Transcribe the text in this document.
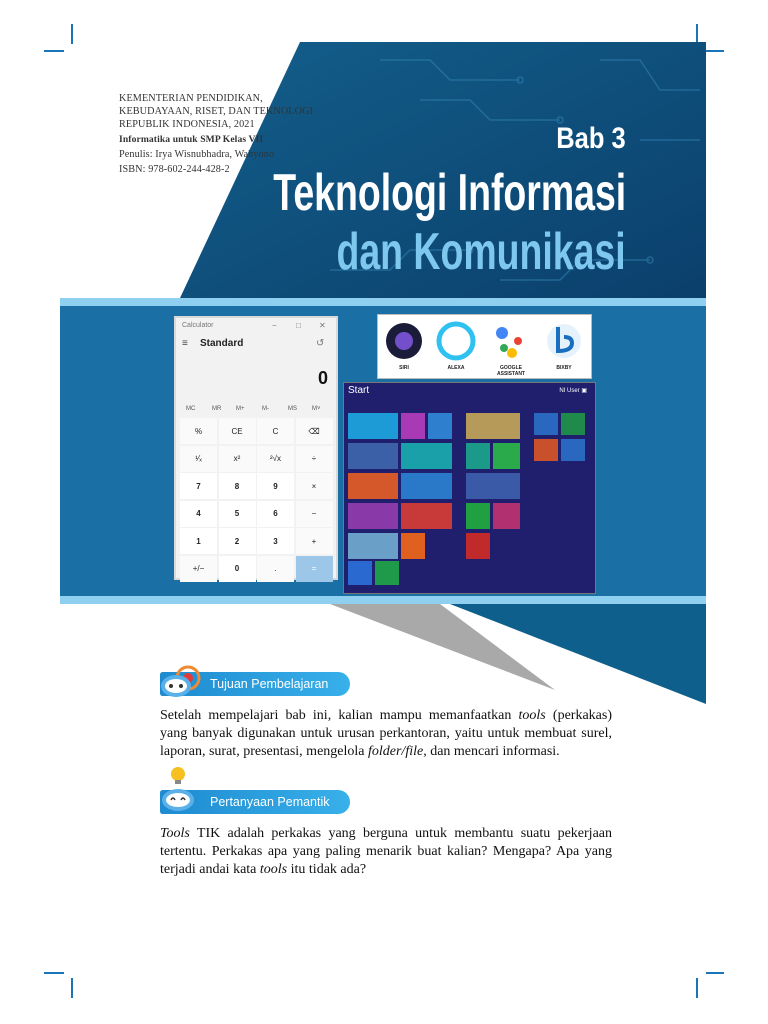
KEMENTERIAN PENDIDIKAN,
KEBUDAYAAN, RISET, DAN TEKNOLOGI
REPUBLIK INDONESIA, 2021
Informatika untuk SMP Kelas VII
Penulis: Irya Wisnubhadra, Wahyono
ISBN: 978-602-244-428-2
Bab 3
Teknologi Informasi
dan Komunikasi
Calculator	− □ ✕
≡ Standard	↺
0
MC	MR M+	M-	MS	M˅
%	CE	C	⌫
¹⁄ₓ	x²	²√x	÷
7	8	9	×
4	5	6	−
1	2	3	+
+/−	0	.	=
SIRI	ALEXA	GOOGLE ASSISTANT
BIXBY
Start	NI User ▣
Tujuan Pembelajaran

Setelah mempelajari bab ini, kalian mampu memanfaatkan tools (perkakas) yang banyak digunakan untuk urusan perkantoran, yaitu untuk membuat surel, laporan, surat, presentasi, mengelola folder/file, dan mencari informasi.

Pertanyaan Pemantik

Tools TIK adalah perkakas yang berguna untuk membantu suatu pekerjaan tertentu. Perkakas apa yang paling menarik buat kalian? Mengapa? Apa yang terjadi andai kata tools itu tidak ada?
